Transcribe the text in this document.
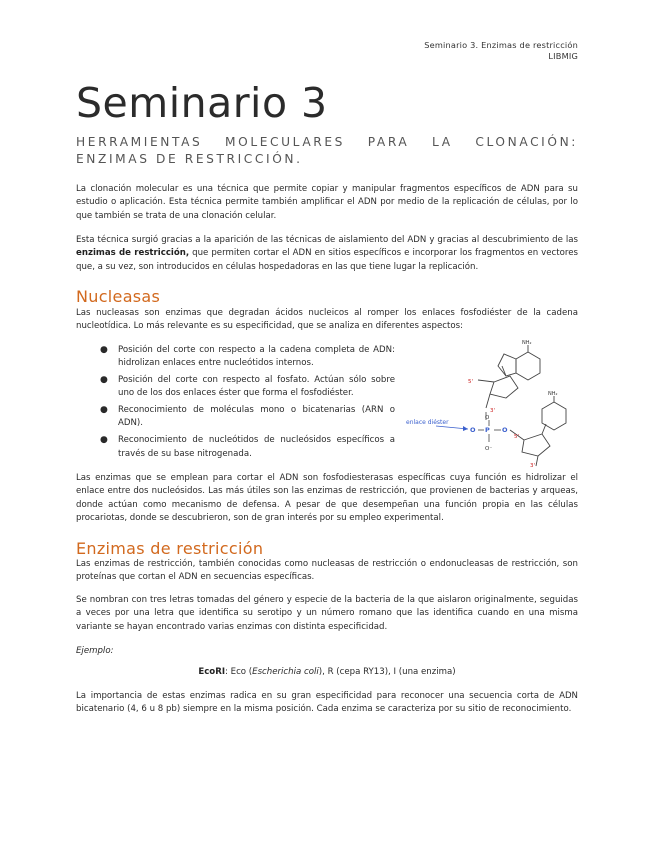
Seminario 3. Enzimas de restricción
LIBMIG
Seminario 3

HERRAMIENTAS MOLECULARES PARA LA CLONACIÓN: ENZIMAS DE RESTRICCIÓN.

La clonación molecular es una técnica que permite copiar y manipular fragmentos específicos de ADN para su estudio o aplicación. Esta técnica permite también amplificar el ADN por medio de la replicación de células, por lo que también se trata de una clonación celular.

Esta técnica surgió gracias a la aparición de las técnicas de aislamiento del ADN y gracias al descubrimiento de las enzimas de restricción, que permiten cortar el ADN en sitios específicos e incorporar los fragmentos en vectores que, a su vez, son introducidos en células hospedadoras en las que tiene lugar la replicación.

Nucleasas

Las nucleasas son enzimas que degradan ácidos nucleicos al romper los enlaces fosfodiéster de la cadena nucleotídica. Lo más relevante es su especificidad, que se analiza en diferentes aspectos:

● Posición del corte con respecto a la cadena completa de ADN: hidrolizan enlaces entre nucleótidos internos.
● Posición del corte con respecto al fosfato. Actúan sólo sobre uno de los dos enlaces éster que forma el fosfodiéster.
● Reconocimiento de moléculas mono o bicatenarias (ARN o ADN).
● Reconocimiento de nucleótidos de nucleósidos específicos a través de su base nitrogenada.
NH₂
5'
3'
O P O
O
O⁻
enlace diéster
5'
3'
NH₂

Las enzimas que se emplean para cortar el ADN son fosfodiesterasas específicas cuya función es hidrolizar el enlace entre dos nucleósidos. Las más útiles son las enzimas de restricción, que provienen de bacterias y arqueas, donde actúan como mecanismo de defensa. A pesar de que desempeñan una función propia en las células procariotas, donde se descubrieron, son de gran interés por su empleo experimental.

Enzimas de restricción

Las enzimas de restricción, también conocidas como nucleasas de restricción o endonucleasas de restricción, son proteínas que cortan el ADN en secuencias específicas.

Se nombran con tres letras tomadas del género y especie de la bacteria de la que aislaron originalmente, seguidas a veces por una letra que identifica su serotipo y un número romano que las identifica cuando en una misma variante se hayan encontrado varias enzimas con distinta especificidad.

Ejemplo:

EcoRI: Eco (Escherichia coli), R (cepa RY13), I (una enzima)

La importancia de estas enzimas radica en su gran especificidad para reconocer una secuencia corta de ADN bicatenario (4, 6 u 8 pb) siempre en la misma posición. Cada enzima se caracteriza por su sitio de reconocimiento.
